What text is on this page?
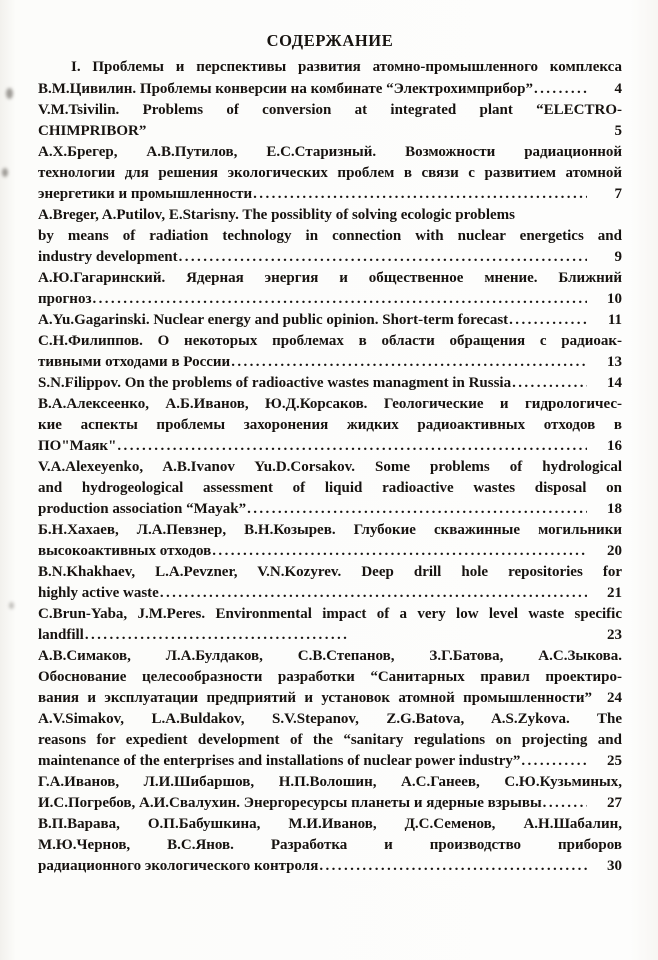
СОДЕРЖАНИЕ
I. Проблемы и перспективы развития атомно-промышленного комплекса
В.М.Цивилин. Проблемы конверсии на комбинате “Электрохимприбор” .....	4
V.M.Tsivilin. Problems of conversion at integrated plant “ELECTRO-
CHIMPRIBOR”	5
А.Х.Брегер, А.В.Путилов, Е.С.Старизный. Возможности радиационной
технологии для решения экологических проблем в связи с развитием атомной
энергетики и промышленности .....	7
A.Breger, A.Putilov, E.Starisny. The possiblity of solving ecologic problems
by means of radiation technology in connection with nuclear energetics and
industry development .....	9
А.Ю.Гагаринский. Ядерная энергия и общественное мнение. Ближний
прогноз .....	10
A.Yu.Gagarinski. Nuclear energy and public opinion. Short-term forecast .....	11
С.Н.Филиппов. О некоторых проблемах в области обращения с радиоак-
тивными отходами в России .....	13
S.N.Filippov. On the problems of radioactive wastes managment in Russia .....	14
В.А.Алексеенко, А.Б.Иванов, Ю.Д.Корсаков. Геологические и гидрологичес-
кие аспекты проблемы захоронения жидких радиоактивных отходов в
ПО"Маяк" .....	16
V.A.Alexeyenko, A.B.Ivanov Yu.D.Corsakov. Some problems of hydrological
and hydrogeological assessment of liquid radioactive wastes disposal on
production association “Mayak” .....	18
Б.Н.Хахаев, Л.А.Певзнер, В.Н.Козырев. Глубокие скважинные могильники
высокоактивных отходов .....	20
B.N.Khakhaev, L.A.Pevzner, V.N.Kozyrev. Deep drill hole repositories for
highly active waste .....	21
C.Brun-Yaba, J.M.Peres. Environmental impact of a very low level waste specific
landfill .....	23
А.В.Симаков, Л.А.Булдаков, С.В.Степанов, З.Г.Батова, А.С.Зыкова.
Обоснование целесообразности разработки “Санитарных правил проектиро-
вания и эксплуатации предприятий и установок атомной промышленности”	24
A.V.Simakov, L.A.Buldakov, S.V.Stepanov, Z.G.Batova, A.S.Zykova. The
reasons for expedient development of the “sanitary regulations on projecting and
maintenance of the enterprises and installations of nuclear power industry” .....	25
Г.А.Иванов, Л.И.Шибаршов, Н.П.Волошин, А.С.Ганеев, С.Ю.Кузьминых,
И.С.Погребов, А.И.Свалухин. Энергоресурсы планеты и ядерные взрывы .....	27
В.П.Варава, О.П.Бабушкина, М.И.Иванов, Д.С.Семенов, А.Н.Шабалин,
М.Ю.Чернов, В.С.Янов. Разработка и производство приборов
радиационного экологического контроля .....	30
